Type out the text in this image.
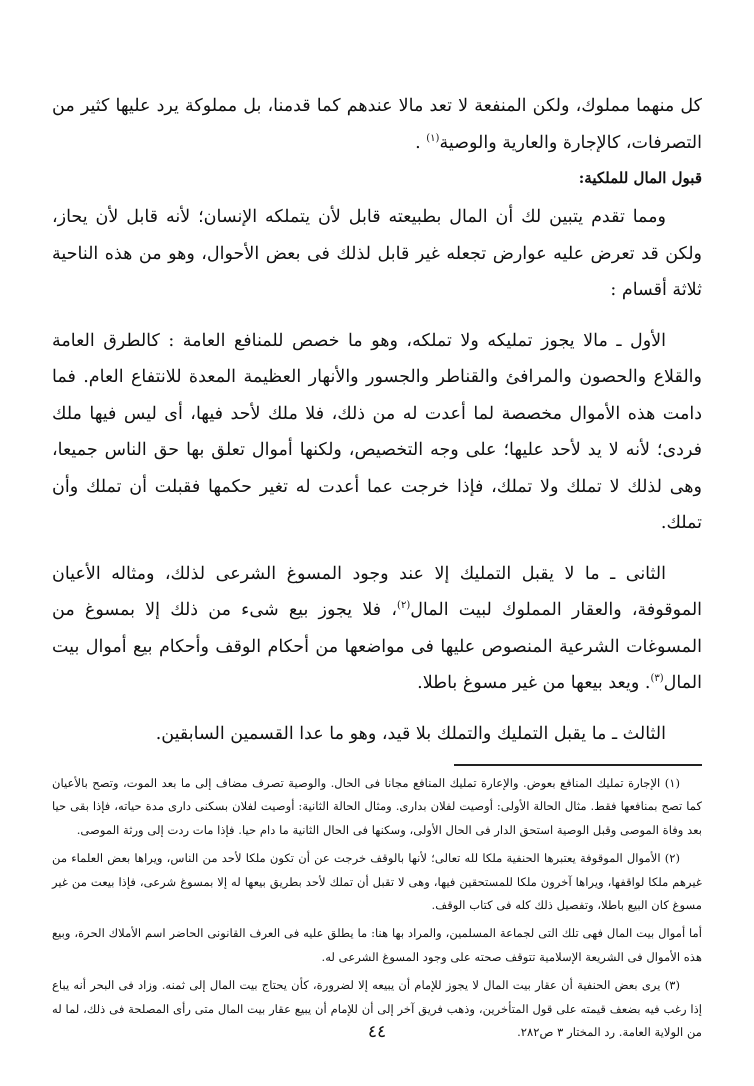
كل منهما مملوك، ولكن المنفعة لا تعد مالا عندهم كما قدمنا، بل مملوكة يرد عليها كثير من التصرفات، كالإجارة والعارية والوصية$^{(١)}$ .

قبول المال للملكية:

ومما تقدم يتبين لك أن المال بطبيعته قابل لأن يتملكه الإنسان؛ لأنه قابل لأن يحاز، ولكن قد تعرض عليه عوارض تجعله غير قابل لذلك فى بعض الأحوال، وهو من هذه الناحية ثلاثة أقسام :

الأول ـ مالا يجوز تمليكه ولا تملكه، وهو ما خصص للمنافع العامة : كالطرق العامة والقلاع والحصون والمرافئ والقناطر والجسور والأنهار العظيمة المعدة للانتفاع العام. فما دامت هذه الأموال مخصصة لما أعدت له من ذلك، فلا ملك لأحد فيها، أى ليس فيها ملك فردى؛ لأنه لا يد لأحد عليها؛ على وجه التخصيص، ولكنها أموال تعلق بها حق الناس جميعا، وهى لذلك لا تملك ولا تملك، فإذا خرجت عما أعدت له تغير حكمها فقبلت أن تملك وأن تملك.

الثانى ـ ما لا يقبل التمليك إلا عند وجود المسوغ الشرعى لذلك، ومثاله الأعيان الموقوفة، والعقار المملوك لبيت المال$^{(٢)}$، فلا يجوز بيع شىء من ذلك إلا بمسوغ من المسوغات الشرعية المنصوص عليها فى مواضعها من أحكام الوقف وأحكام بيع أموال بيت المال$^{(٣)}$. ويعد بيعها من غير مسوغ باطلا.

الثالث ـ ما يقبل التمليك والتملك بلا قيد، وهو ما عدا القسمين السابقين.

(١) الإجارة تمليك المنافع بعوض. والإعارة تمليك المنافع مجانا فى الحال. والوصية تصرف مضاف إلى ما بعد الموت، وتصح بالأعيان كما تصح بمنافعها فقط. مثال الحالة الأولى: أوصيت لفلان بدارى. ومثال الحالة الثانية: أوصيت لفلان بسكنى دارى مدة حياته، فإذا بقى حيا بعد وفاة الموصى وقبل الوصية استحق الدار فى الحال الأولى، وسكنها فى الحال الثانية ما دام حيا. فإذا مات ردت إلى ورثة الموصى.

(٢) الأموال الموقوفة يعتبرها الحنفية ملكا لله تعالى؛ لأنها بالوقف خرجت عن أن تكون ملكا لأحد من الناس، ويراها بعض العلماء من غيرهم ملكا لواقفها، ويراها آخرون ملكا للمستحقين فيها، وهى لا تقبل أن تملك لأحد بطريق بيعها له إلا بمسوغ شرعى، فإذا بيعت من غير مسوغ كان البيع باطلا، وتفصيل ذلك كله فى كتاب الوقف.

أما أموال بيت المال فهى تلك التى لجماعة المسلمين، والمراد بها هنا: ما يطلق عليه فى العرف القانونى الحاضر اسم الأملاك الحرة، وبيع هذه الأموال فى الشريعة الإسلامية تتوقف صحته على وجود المسوغ الشرعى له.

(٣) يرى بعض الحنفية أن عقار بيت المال لا يجوز للإمام أن يبيعه إلا لضرورة، كأن يحتاج بيت المال إلى ثمنه. وزاد فى البحر أنه يباع إذا رغب فيه بضعف قيمته على قول المتأخرين، وذهب فريق آخر إلى أن للإمام أن يبيع عقار بيت المال متى رأى المصلحة فى ذلك، لما له من الولاية العامة. رد المختار ٣ ص٢٨٢.

٤٤
